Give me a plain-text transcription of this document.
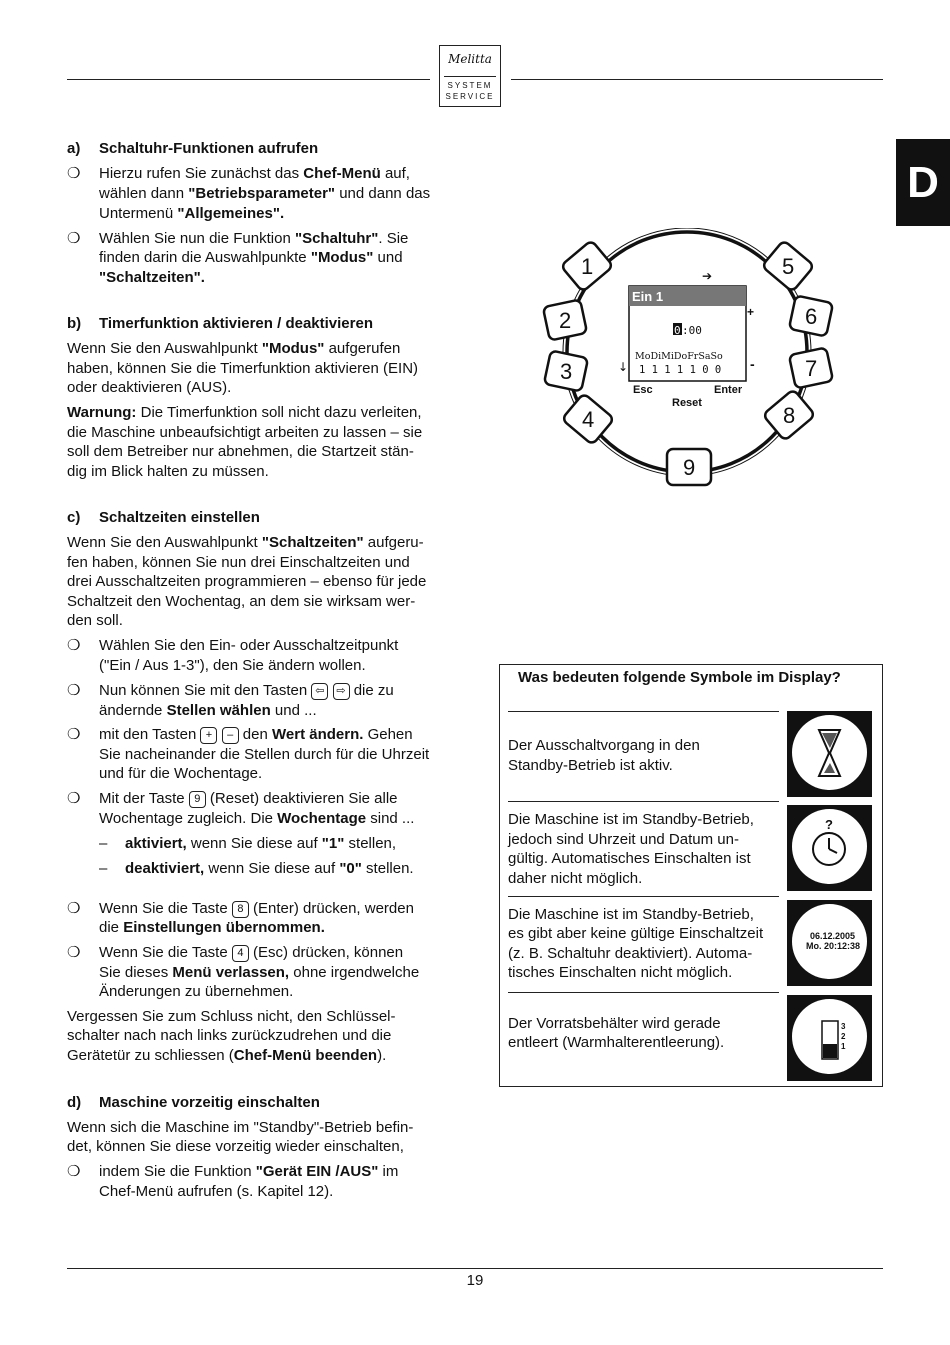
Melitta
SYSTEM
SERVICE
D
a) Schaltuhr-Funktionen aufrufen
❍ Hierzu rufen Sie zunächst das Chef-Menü auf,
wählen dann "Betriebsparameter" und dann das
Untermenü "Allgemeines".
❍ Wählen Sie nun die Funktion "Schaltuhr". Sie
finden darin die Auswahlpunkte "Modus" und
"Schaltzeiten".
b) Timerfunktion aktivieren / deaktivieren
Wenn Sie den Auswahlpunkt "Modus" aufgerufen
haben, können Sie die Timerfunktion aktivieren (EIN)
oder deaktivieren (AUS).
Warnung: Die Timerfunktion soll nicht dazu verleiten,
die Maschine unbeaufsichtigt arbeiten zu lassen – sie
soll dem Betreiber nur abnehmen, die Startzeit stän-
dig im Blick halten zu müssen.
Ein 1
0 :00
MoDiMiDoFrSaSo
1 1 1 1 1 0 0
Esc	Enter
Reset
+
-
➔
↓
1
2
3
4
5
6
7
8
9
c) Schaltzeiten einstellen
Wenn Sie den Auswahlpunkt "Schaltzeiten" aufgeru-
fen haben, können Sie nun drei Einschaltzeiten und
drei Ausschaltzeiten programmieren – ebenso für jede
Schaltzeit den Wochentag, an dem sie wirksam wer-
den soll.
❍ Wählen Sie den Ein- oder Ausschaltzeitpunkt
("Ein / Aus 1-3"), den Sie ändern wollen.
❍ Nun können Sie mit den Tasten ⇦ ⇨ die zu
ändernde Stellen wählen und ...
❍ mit den Tasten + – den Wert ändern. Gehen
Sie nacheinander die Stellen durch für die Uhrzeit
und für die Wochentage.
❍ Mit der Taste 9 (Reset) deaktivieren Sie alle
Wochentage zugleich. Die Wochentage sind ...
– aktiviert, wenn Sie diese auf "1" stellen,
– deaktiviert, wenn Sie diese auf "0" stellen.
❍ Wenn Sie die Taste 8 (Enter) drücken, werden
die Einstellungen übernommen.
❍ Wenn Sie die Taste 4 (Esc) drücken, können
Sie dieses Menü verlassen, ohne irgendwelche
Änderungen zu übernehmen.
Vergessen Sie zum Schluss nicht, den Schlüssel-
schalter nach nach links zurückzudrehen und die
Gerätetür zu schliessen (Chef-Menü beenden).
d) Maschine vorzeitig einschalten
Wenn sich die Maschine im "Standby"-Betrieb befin-
det, können Sie diese vorzeitig wieder einschalten,
❍ indem Sie die Funktion "Gerät EIN /AUS" im
Chef-Menü aufrufen (s. Kapitel 12).
Was bedeuten folgende Symbole im Display?
Der Ausschaltvorgang in den
Standby-Betrieb ist aktiv.
Die Maschine ist im Standby-Betrieb,
jedoch sind Uhrzeit und Datum un-
gültig. Automatisches Einschalten ist
daher nicht möglich.
Die Maschine ist im Standby-Betrieb,
es gibt aber keine gültige Einschaltzeit
(z. B. Schaltuhr deaktiviert). Automa-
tisches Einschalten nicht möglich.
Der Vorratsbehälter wird gerade
entleert (Warmhalterentleerung).
?
06.12.2005
Mo. 20:12:38
3
2
1
19
